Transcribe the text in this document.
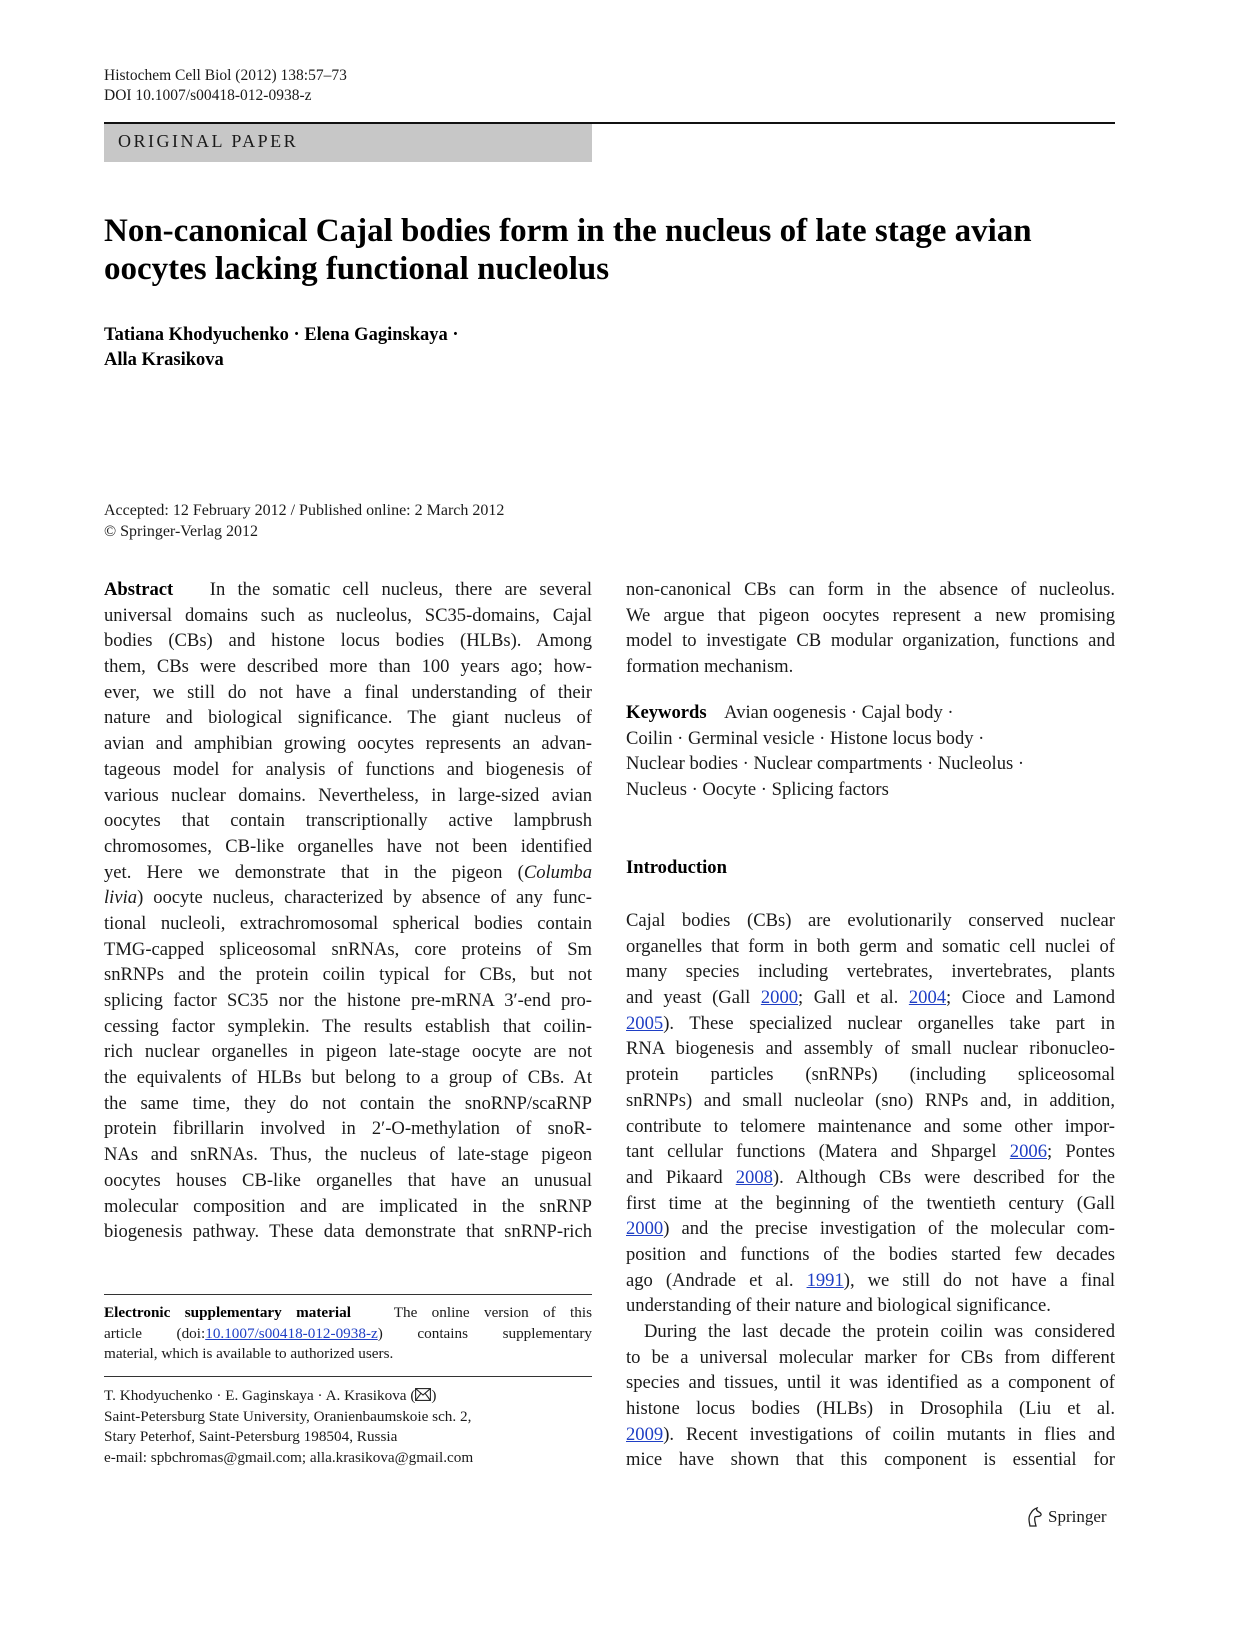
Histochem Cell Biol (2012) 138:57–73
DOI 10.1007/s00418-012-0938-z
ORIGINAL PAPER
Non-canonical Cajal bodies form in the nucleus of late stage avian
oocytes lacking functional nucleolus
Tatiana Khodyuchenko · Elena Gaginskaya ·
Alla Krasikova
Accepted: 12 February 2012 / Published online: 2 March 2012
© Springer-Verlag 2012
Abstract In the somatic cell nucleus, there are several
universal domains such as nucleolus, SC35-domains, Cajal
bodies (CBs) and histone locus bodies (HLBs). Among
them, CBs were described more than 100 years ago; how-
ever, we still do not have a final understanding of their
nature and biological significance. The giant nucleus of
avian and amphibian growing oocytes represents an advan-
tageous model for analysis of functions and biogenesis of
various nuclear domains. Nevertheless, in large-sized avian
oocytes that contain transcriptionally active lampbrush
chromosomes, CB-like organelles have not been identified
yet. Here we demonstrate that in the pigeon (Columba
livia) oocyte nucleus, characterized by absence of any func-
tional nucleoli, extrachromosomal spherical bodies contain
TMG-capped spliceosomal snRNAs, core proteins of Sm
snRNPs and the protein coilin typical for CBs, but not
splicing factor SC35 nor the histone pre-mRNA 3′-end pro-
cessing factor symplekin. The results establish that coilin-
rich nuclear organelles in pigeon late-stage oocyte are not
the equivalents of HLBs but belong to a group of CBs. At
the same time, they do not contain the snoRNP/scaRNP
protein fibrillarin involved in 2′-O-methylation of snoR-
NAs and snRNAs. Thus, the nucleus of late-stage pigeon
oocytes houses CB-like organelles that have an unusual
molecular composition and are implicated in the snRNP
biogenesis pathway. These data demonstrate that snRNP-rich
Electronic supplementary material	The online version of this
article (doi:10.1007/s00418-012-0938-z) contains supplementary
material, which is available to authorized users.
T. Khodyuchenko · E. Gaginskaya · A. Krasikova ( )
Saint-Petersburg State University, Oranienbaumskoie sch. 2,
Stary Peterhof, Saint-Petersburg 198504, Russia
e-mail: spbchromas@gmail.com; alla.krasikova@gmail.com
non-canonical CBs can form in the absence of nucleolus.
We argue that pigeon oocytes represent a new promising
model to investigate CB modular organization, functions and
formation mechanism.
Keywords Avian oogenesis · Cajal body ·
Coilin · Germinal vesicle · Histone locus body ·
Nuclear bodies · Nuclear compartments · Nucleolus ·
Nucleus · Oocyte · Splicing factors
Introduction
Cajal bodies (CBs) are evolutionarily conserved nuclear
organelles that form in both germ and somatic cell nuclei of
many species including vertebrates, invertebrates, plants
and yeast (Gall 2000; Gall et al. 2004; Cioce and Lamond
2005). These specialized nuclear organelles take part in
RNA biogenesis and assembly of small nuclear ribonucleo-
protein particles (snRNPs) (including spliceosomal
snRNPs) and small nucleolar (sno) RNPs and, in addition,
contribute to telomere maintenance and some other impor-
tant cellular functions (Matera and Shpargel 2006; Pontes
and Pikaard 2008). Although CBs were described for the
first time at the beginning of the twentieth century (Gall
2000) and the precise investigation of the molecular com-
position and functions of the bodies started few decades
ago (Andrade et al. 1991), we still do not have a final
understanding of their nature and biological significance.
During the last decade the protein coilin was considered
to be a universal molecular marker for CBs from different
species and tissues, until it was identified as a component of
histone locus bodies (HLBs) in Drosophila (Liu et al.
2009). Recent investigations of coilin mutants in flies and
mice have shown that this component is essential for
Springer
